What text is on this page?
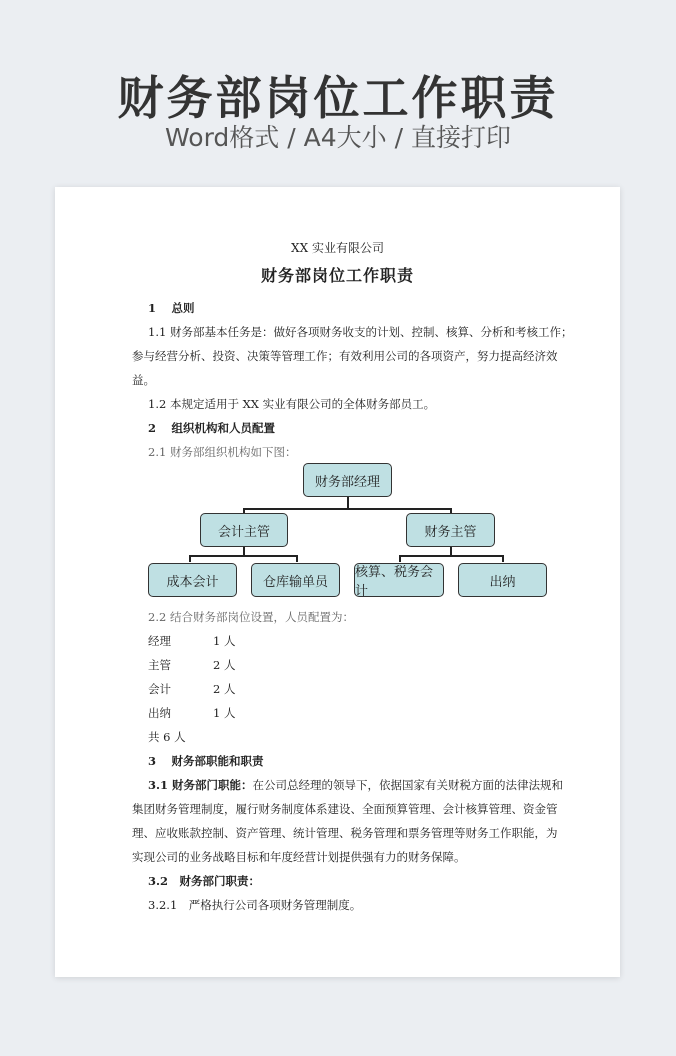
财务部岗位工作职责
Word格式 / A4大小 / 直接打印
XX 实业有限公司
财务部岗位工作职责
1　 总则
1.1 财务部基本任务是：做好各项财务收支的计划、控制、核算、分析和考核工作；
参与经营分析、投资、决策等管理工作；有效利用公司的各项资产，努力提高经济效
益。
1.2 本规定适用于 XX 实业有限公司的全体财务部员工。
2　 组织机构和人员配置
2.1 财务部组织机构如下图：
财务部经理
会计主管	财务主管
成本会计	仓库输单员
核算、税务会计
出纳
2.2 结合财务部岗位设置，人员配置为：
经理	1 人
主管	2 人
会计	2 人
出纳	1 人
共 6 人
3　 财务部职能和职责
3.1 财务部门职能：在公司总经理的领导下，依据国家有关财税方面的法律法规和
集团财务管理制度，履行财务制度体系建设、全面预算管理、会计核算管理、资金管
理、应收账款控制、资产管理、统计管理、税务管理和票务管理等财务工作职能，为
实现公司的业务战略目标和年度经营计划提供强有力的财务保障。
3.2　财务部门职责：
3.2.1　严格执行公司各项财务管理制度。
